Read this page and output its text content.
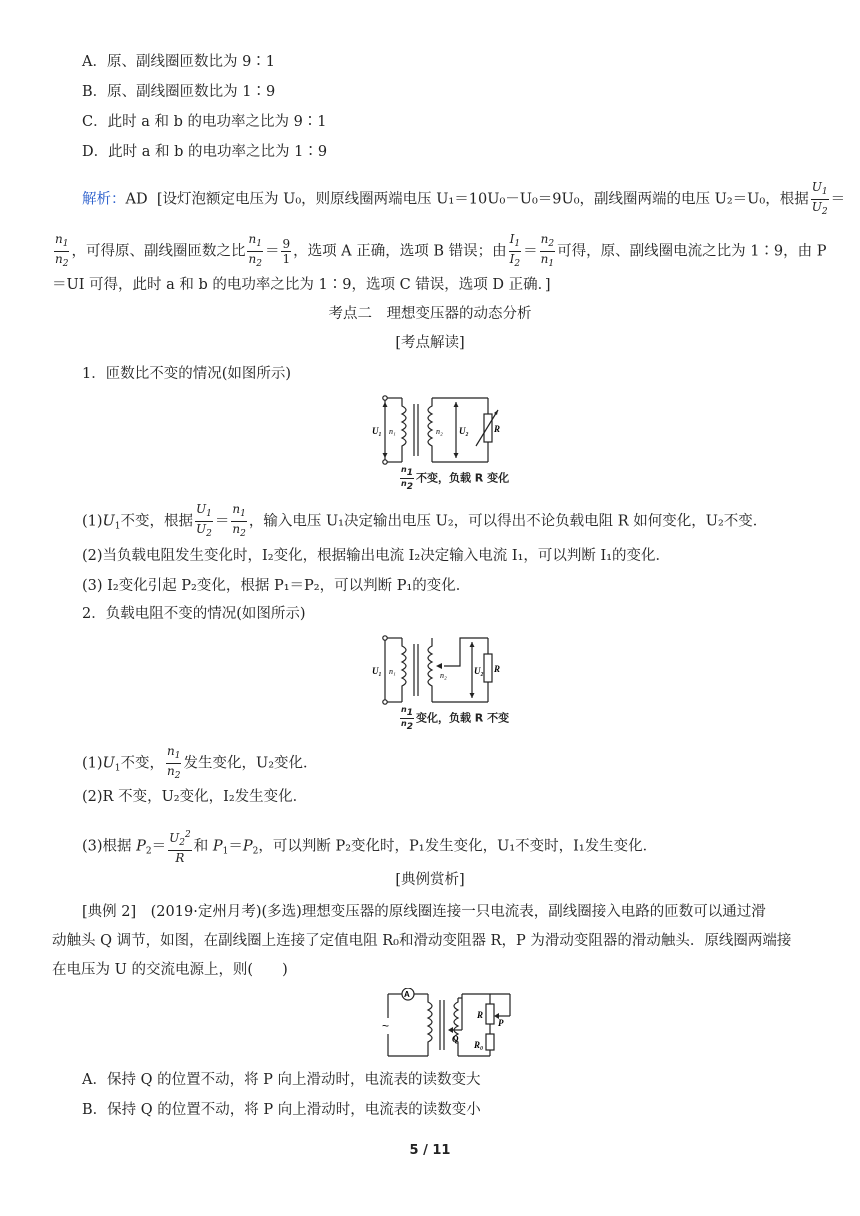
A．原、副线圈匝数比为 9∶1
B．原、副线圈匝数比为 1∶9
C．此时 a 和 b 的电功率之比为 9∶1
D．此时 a 和 b 的电功率之比为 1∶9
解析：AD [设灯泡额定电压为 U₀，则原线圈两端电压 U₁＝10U₀－U₀＝9U₀，副线圈两端的电压 U₂＝U₀，根据 $\frac{U_1}{U_2}$ ＝
$\frac{n_1}{n_2}$ ，可得原、副线圈匝数之比 $\frac{n_1}{n_2} = \frac{9}{1}$ ，选项 A 正确，选项 B 错误；由 $\frac{I_1}{I_2} = \frac{n_2}{n_1}$ 可得，原、副线圈电流之比为 1∶9，由 P
＝UI 可得，此时 a 和 b 的电功率之比为 1∶9，选项 C 错误，选项 D 正确．]
考点二　理想变压器的动态分析
[考点解读]
1．匝数比不变的情况(如图所示)
U₁ n₁	n₂ U₂	R
$\frac{n_1}{n_2}$ 不变，负载 R 变化
$(1)U_1$不变，根据 $\frac{U_1}{U_2} = \frac{n_1}{n_2}$ ，输入电压 U₁决定输出电压 U₂，可以得出不论负载电阻 R 如何变化，U₂不变．
(2)当负载电阻发生变化时，I₂变化，根据输出电流 I₂决定输入电流 I₁，可以判断 I₁的变化．
(3) I₂变化引起 P₂变化，根据 P₁＝P₂，可以判断 P₁的变化．
2．负载电阻不变的情况(如图所示)
U₁ n₁	n₂	U₂ R
$\frac{n_1}{n_2}$ 变化，负载 R 不变
$(1)U_1$不变， $\frac{n_1}{n_2}$ 发生变化，U₂变化．
(2)R 不变，U₂变化，I₂发生变化．
(3)根据 $P_2= \frac{U_2^2}{R}$ 和 $P_1=P_2$，可以判断 P₂变化时，P₁发生变化，U₁不变时，I₁发生变化．
[典例赏析]
[典例 2]　(2019·定州月考)(多选)理想变压器的原线圈连接一只电流表，副线圈接入电路的匝数可以通过滑
动触头 Q 调节，如图，在副线圈上连接了定值电阻 R₀和滑动变阻器 R，P 为滑动变阻器的滑动触头．原线圈两端接
在电压为 U 的交流电源上，则(　　)
A
~
Q
R
P
R₀
A．保持 Q 的位置不动，将 P 向上滑动时，电流表的读数变大
B．保持 Q 的位置不动，将 P 向上滑动时，电流表的读数变小
5 / 11
